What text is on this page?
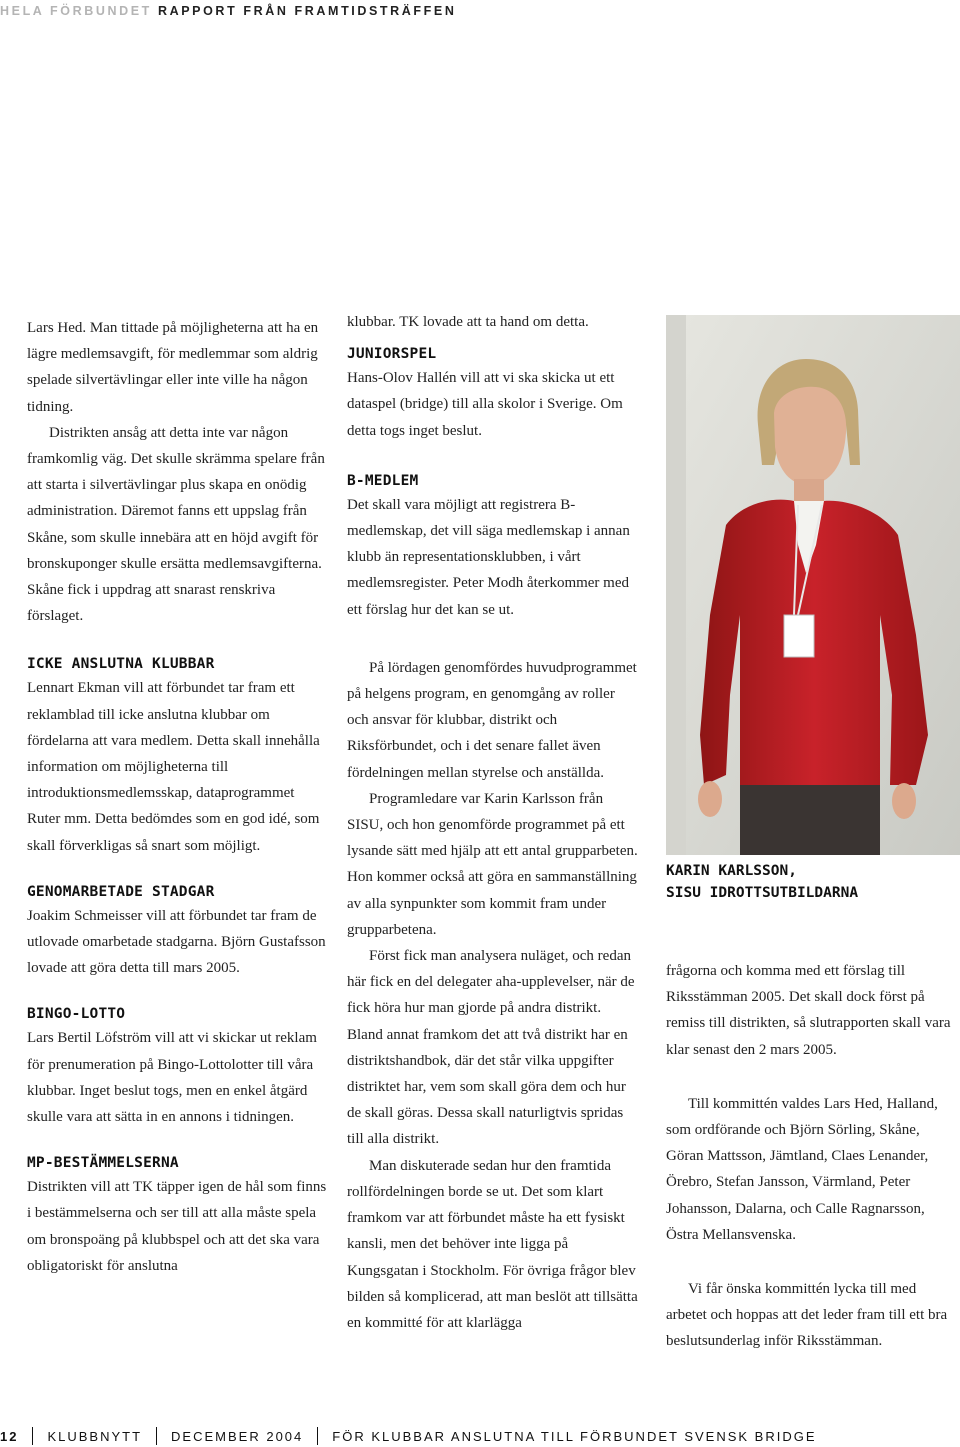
HELA FÖRBUNDET RAPPORT FRÅN FRAMTIDSTRÄFFEN

Lars Hed. Man tittade på möjligheterna att ha en lägre medlemsavgift, för medlemmar som aldrig spelade silvertävlingar eller inte ville ha någon tidning.

Distrikten ansåg att detta inte var någon framkomlig väg. Det skulle skrämma spelare från att starta i silvertävlingar plus skapa en onödig administration. Däremot fanns ett uppslag från Skåne, som skulle innebära att en höjd avgift för bronskuponger skulle ersätta medlemsavgifterna. Skåne fick i uppdrag att snarast renskriva förslaget.

ICKE ANSLUTNA KLUBBAR

Lennart Ekman vill att förbundet tar fram ett reklamblad till icke anslutna klubbar om fördelarna att vara medlem. Detta skall innehålla information om möjligheterna till introduktionsmedlemsskap, dataprogrammet Ruter mm. Detta bedömdes som en god idé, som skall förverkligas så snart som möjligt.

GENOMARBETADE STADGAR

Joakim Schmeisser vill att förbundet tar fram de utlovade omarbetade stadgarna. Björn Gustafsson lovade att göra detta till mars 2005.

BINGO-LOTTO

Lars Bertil Löfström vill att vi skickar ut reklam för prenumeration på Bingo-Lottolotter till våra klubbar. Inget beslut togs, men en enkel åtgärd skulle vara att sätta in en annons i tidningen.

MP-BESTÄMMELSERNA

Distrikten vill att TK täpper igen de hål som finns i bestämmelserna och ser till att alla måste spela om bronspoäng på klubbspel och att det ska vara obligatoriskt för anslutna

klubbar. TK lovade att ta hand om detta.

JUNIORSPEL

Hans-Olov Hallén vill att vi ska skicka ut ett dataspel (bridge) till alla skolor i Sverige. Om detta togs inget beslut.

B-MEDLEM

Det skall vara möjligt att registrera B-medlemskap, det vill säga medlemskap i annan klubb än representationsklubben, i vårt medlemsregister. Peter Modh återkommer med ett förslag hur det kan se ut.

På lördagen genomfördes huvudprogrammet på helgens program, en genomgång av roller och ansvar för klubbar, distrikt och Riksförbundet, och i det senare fallet även fördelningen mellan styrelse och anställda.

Programledare var Karin Karlsson från SISU, och hon genomförde programmet på ett lysande sätt med hjälp att ett antal grupparbeten. Hon kommer också att göra en sammanställning av alla synpunkter som kommit fram under grupparbetena.

Först fick man analysera nuläget, och redan här fick en del delegater aha-upplevelser, när de fick höra hur man gjorde på andra distrikt. Bland annat framkom det att två distrikt har en distriktshandbok, där det står vilka uppgifter distriktet har, vem som skall göra dem och hur de skall göras. Dessa skall naturligtvis spridas till alla distrikt.

Man diskuterade sedan hur den framtida rollfördelningen borde se ut. Det som klart framkom var att förbundet måste ha ett fysiskt kansli, men det behöver inte ligga på Kungsgatan i Stockholm. För övriga frågor blev bilden så komplicerad, att man beslöt att tillsätta en kommitté för att klarlägga

KARIN KARLSSON,
SISU IDROTTSUTBILDARNA

frågorna och komma med ett förslag till Riksstämman 2005. Det skall dock först på remiss till distrikten, så slutrapporten skall vara klar senast den 2 mars 2005.

Till kommittén valdes Lars Hed, Halland, som ordförande och Björn Sörling, Skåne, Göran Mattsson, Jämtland, Claes Lenander, Örebro, Stefan Jansson, Värmland, Peter Johansson, Dalarna, och Calle Ragnarsson, Östra Mellansvenska.

Vi får önska kommittén lycka till med arbetet och hoppas att det leder fram till ett bra beslutsunderlag inför Riksstämman.

12 KLUBBNYTT DECEMBER 2004 FÖR KLUBBAR ANSLUTNA TILL FÖRBUNDET SVENSK BRIDGE
